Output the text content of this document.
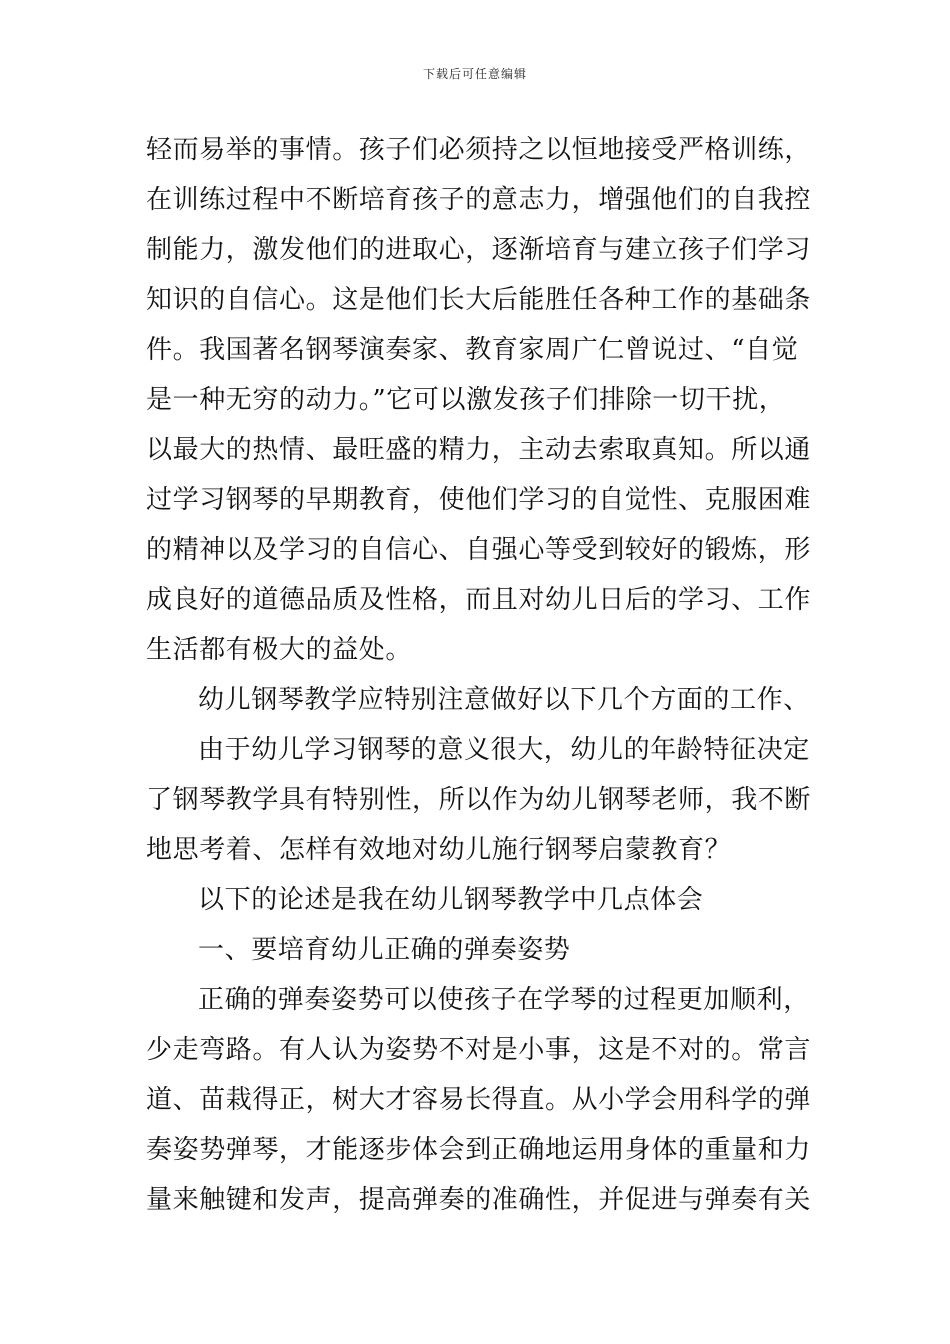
下载后可任意编辑
轻而易举的事情。孩子们必须持之以恒地接受严格训练，
在训练过程中不断培育孩子的意志力，增强他们的自我控
制能力，激发他们的进取心，逐渐培育与建立孩子们学习
知识的自信心。这是他们长大后能胜任各种工作的基础条
件。我国著名钢琴演奏家、教育家周广仁曾说过、“自觉
是一种无穷的动力。”它可以激发孩子们排除一切干扰，
以最大的热情、最旺盛的精力，主动去索取真知。所以通
过学习钢琴的早期教育，使他们学习的自觉性、克服困难
的精神以及学习的自信心、自强心等受到较好的锻炼，形
成良好的道德品质及性格，而且对幼儿日后的学习、工作
生活都有极大的益处。
幼儿钢琴教学应特别注意做好以下几个方面的工作、
由于幼儿学习钢琴的意义很大，幼儿的年龄特征决定
了钢琴教学具有特别性，所以作为幼儿钢琴老师，我不断
地思考着、怎样有效地对幼儿施行钢琴启蒙教育？
以下的论述是我在幼儿钢琴教学中几点体会
一、要培育幼儿正确的弹奏姿势
正确的弹奏姿势可以使孩子在学琴的过程更加顺利，
少走弯路。有人认为姿势不对是小事，这是不对的。常言
道、苗栽得正，树大才容易长得直。从小学会用科学的弹
奏姿势弹琴，才能逐步体会到正确地运用身体的重量和力
量来触键和发声，提高弹奏的准确性，并促进与弹奏有关
